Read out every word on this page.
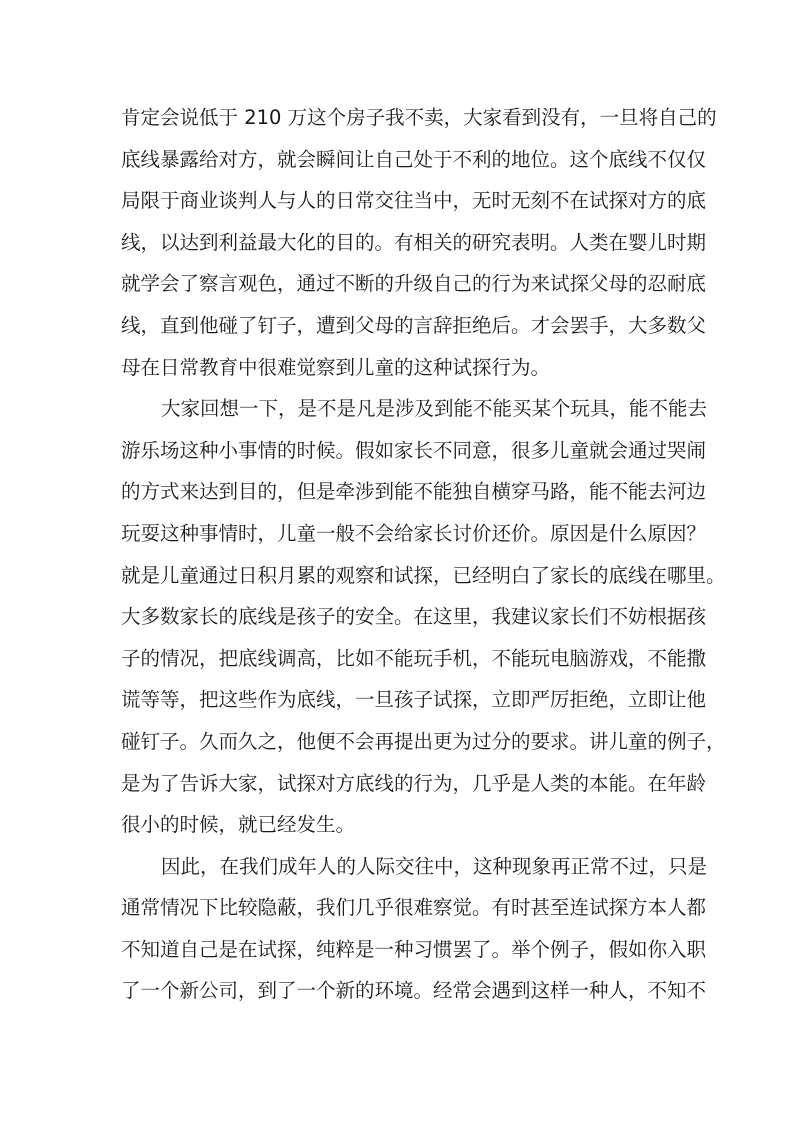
肯定会说低于 210 万这个房子我不卖，大家看到没有，一旦将自己的
底线暴露给对方，就会瞬间让自己处于不利的地位。这个底线不仅仅
局限于商业谈判人与人的日常交往当中，无时无刻不在试探对方的底
线，以达到利益最大化的目的。有相关的研究表明。人类在婴儿时期
就学会了察言观色，通过不断的升级自己的行为来试探父母的忍耐底
线，直到他碰了钉子，遭到父母的言辞拒绝后。才会罢手，大多数父
母在日常教育中很难觉察到儿童的这种试探行为。
大家回想一下，是不是凡是涉及到能不能买某个玩具，能不能去
游乐场这种小事情的时候。假如家长不同意，很多儿童就会通过哭闹
的方式来达到目的，但是牵涉到能不能独自横穿马路，能不能去河边
玩耍这种事情时，儿童一般不会给家长讨价还价。原因是什么原因？
就是儿童通过日积月累的观察和试探，已经明白了家长的底线在哪里。
大多数家长的底线是孩子的安全。在这里，我建议家长们不妨根据孩
子的情况，把底线调高，比如不能玩手机，不能玩电脑游戏，不能撒
谎等等，把这些作为底线，一旦孩子试探，立即严厉拒绝，立即让他
碰钉子。久而久之，他便不会再提出更为过分的要求。讲儿童的例子，
是为了告诉大家，试探对方底线的行为，几乎是人类的本能。在年龄
很小的时候，就已经发生。
因此，在我们成年人的人际交往中，这种现象再正常不过，只是
通常情况下比较隐蔽，我们几乎很难察觉。有时甚至连试探方本人都
不知道自己是在试探，纯粹是一种习惯罢了。举个例子，假如你入职
了一个新公司，到了一个新的环境。经常会遇到这样一种人，不知不
